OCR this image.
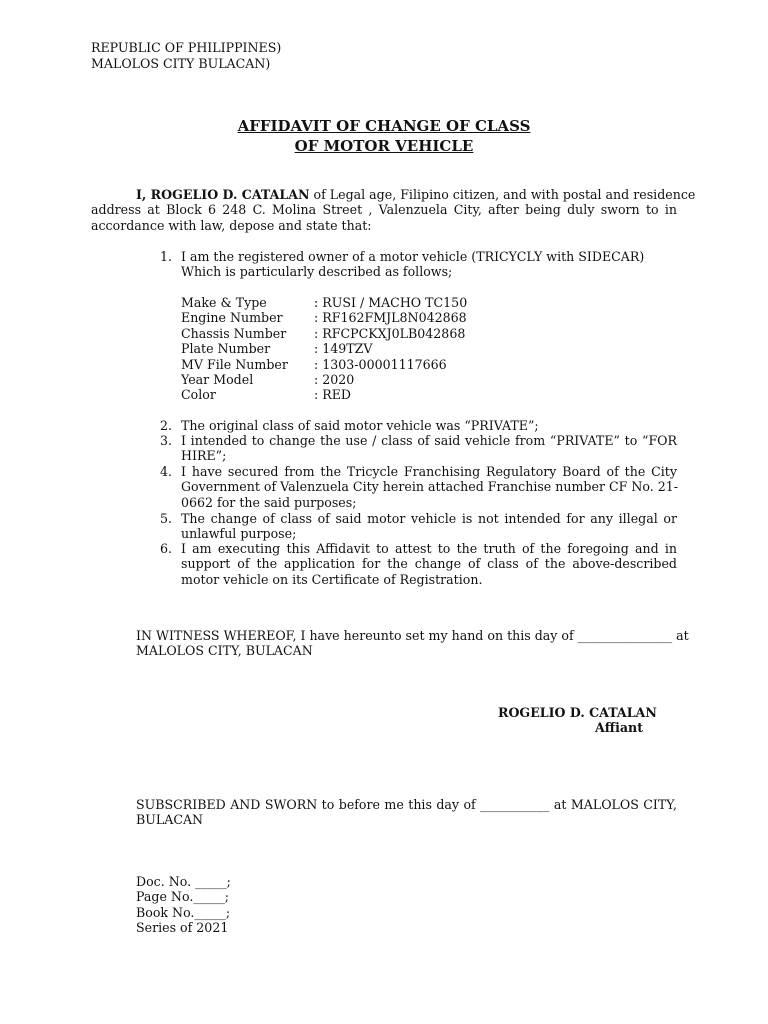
REPUBLIC OF PHILIPPINES)
MALOLOS CITY BULACAN)
AFFIDAVIT OF CHANGE OF CLASS
OF MOTOR VEHICLE
I, ROGELIO D. CATALAN of Legal age, Filipino citizen, and with postal and residence
address at Block 6 248 C. Molina Street , Valenzuela City, after being duly sworn to in
accordance with law, depose and state that:
1. I am the registered owner of a motor vehicle (TRICYCLY with SIDECAR)
Which is particularly described as follows;
Make & Type	: RUSI / MACHO TC150
Engine Number : RF162FMJL8N042868
Chassis Number : RFCPCKXJ0LB042868
Plate Number	: 149TZV
MV File Number : 1303-00001117666
Year Model	: 2020
Color	: RED
2. The original class of said motor vehicle was “PRIVATE”;
3. I intended to change the use / class of said vehicle from “PRIVATE” to “FOR
HIRE”;
4. I have secured from the Tricycle Franchising Regulatory Board of the City
Government of Valenzuela City herein attached Franchise number CF No. 21-
0662 for the said purposes;
5. The change of class of said motor vehicle is not intended for any illegal or
unlawful purpose;
6. I am executing this Affidavit to attest to the truth of the foregoing and in
support of the application for the change of class of the above-described
motor vehicle on its Certificate of Registration.
IN WITNESS WHEREOF, I have hereunto set my hand on this day of _______________ at
MALOLOS CITY, BULACAN
ROGELIO D. CATALAN
Affiant
SUBSCRIBED AND SWORN to before me this day of ___________ at MALOLOS CITY,
BULACAN
Doc. No. _____;
Page No._____;
Book No._____;
Series of 2021
